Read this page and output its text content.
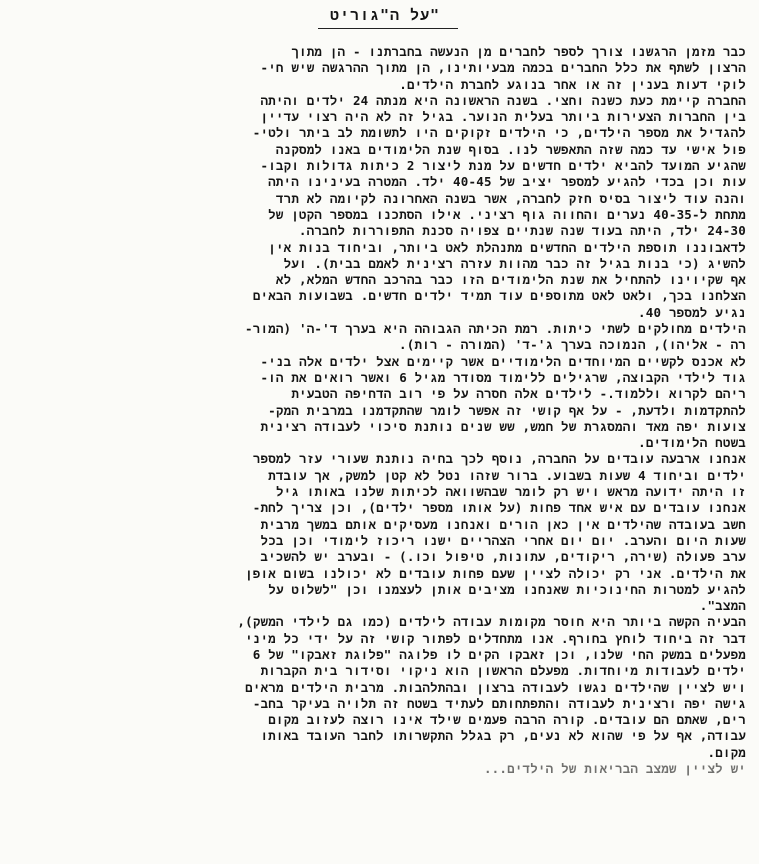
על ה"גוריט"
כבר מזמן הרגשנו צורך לספר לחברים מן הנעשה בחברתנו - הן מתוך
הרצון לשתף את כלל החברים בכמה מבעיותינו, הן מתוך ההרגשה שיש חי-
לוקי דעות בענין זה או אחר בנוגע לחברת הילדים.
החברה קיימת כעת כשנה וחצי. בשנה הראשונה היא מנתה 24 ילדים והיתה
בין החברות הצעירות ביותר בעלית הנוער. בגיל זה לא היה רצוי עדיין
להגדיל את מספר הילדים, כי הילדים זקוקים היו לתשומת לב ביתר ולטי-
פול אישי עד כמה שזה התאפשר לנו. בסוף שנת הלימודים באנו למסקנה
שהגיע המועד להביא ילדים חדשים על מנת ליצור 2 כיתות גדולות וקבו-
עות וכן בכדי להגיע למספר יציב של 40-45 ילד. המטרה בעינינו היתה
והנה עוד ליצור בסיס חזק לחברה, אשר בשנה האחרונה לקיומה לא תרד
מתחת ל-40-35 נערים והחווה גוף רציני. אילו הסתכנו במספר הקטן של
24-30 ילד, היתה בעוד שנה שנתיים צפויה סכנת התפוררות לחברה.
לדאבוננו תוספת הילדים החדשים מתנהלת לאט ביותר, וביחוד בנות אין
להשיג (כי בנות בגיל זה כבר מהוות עזרה רצינית לאמם בבית). ועל
אף שקיוינו להתחיל את שנת הלימודים הזו כבר בהרכב החדש המלא, לא
הצלחנו בכך, ולאט לאט מתוספים עוד תמיד ילדים חדשים. בשבועות הבאים
נגיע למספר 40.
הילדים מחולקים לשתי כיתות. רמת הכיתה הגבוהה היא בערך ד'-ה' (המור-
רה - אליהו), הנמוכה בערך ג'-ד' (המורה - רות).
לא אכנס לקשיים המיוחדים הלימודיים אשר קיימים אצל ילדים אלה בני-
גוד לילדי הקבוצה, שרגילים ללימוד מסודר מגיל 6 ואשר רואים את הו-
ריהם לקרוא וללמוד.- לילדים אלה חסרה על פי רוב הדחיפה הטבעית
להתקדמות ולדעת, - על אף קושי זה אפשר לומר שהתקדמנו במרבית המק-
צועות יפה מאד והמסגרת של חמש, שש שנים נותנת סיכוי לעבודה רצינית
בשטח הלימודים.
אנחנו ארבעה עובדים על החברה, נוסף לכך בחיה נותנת שעורי עזר למספר
ילדים וביחוד 4 שעות בשבוע. ברור שזהו נטל לא קטן למשק, אך עובדת
זו היתה ידועה מראש ויש רק לומר שבהשוואה לכיתות שלנו באותו גיל
אנחנו עובדים עם איש אחד פחות (על אותו מספר ילדים), וכן צריך לחת-
חשב בעובדה שהילדים אין כאן הורים ואנחנו מעסיקים אותם במשך מרבית
שעות היום והערב. יום יום אחרי הצהריים ישנו ריכוז לימודי וכן בכל
ערב פעולה (שירה, ריקודים, עתונות, טיפול וכו.) - ובערב יש להשכיב
את הילדים. אני רק יכולה לציין שעם פחות עובדים לא יכולנו בשום אופן
להגיע למטרות החינוכיות שאנחנו מציבים אותן לעצמנו וכן "לשלוט על
המצב".
הבעיה הקשה ביותר היא חוסר מקומות עבודה לילדים (כמו גם לילדי המשק),
דבר זה ביחוד לוחץ בחורף. אנו מתחדלים לפתור קושי זה על ידי כל מיני
מפעלים במשק החי שלנו, וכן זאבקו הקים לו פלוגה "פלוגת זאבקו" של 6
ילדים לעבודות מיוחדות. מפעלם הראשון הוא ניקוי וסידור בית הקברות
ויש לציין שהילדים נגשו לעבודה ברצון ובהתלהבות. מרבית הילדים מראים
גישה יפה ורצינית לעבודה והתפתחותם לעתיד בשטח זה תלויה בעיקר בחב-
רים, שאתם הם עובדים. קורה הרבה פעמים שילד אינו רוצה לעזוב מקום
עבודה, אף על פי שהוא לא נעים, רק בגלל התקשרותו לחבר העובד באותו
מקום.
יש לציין שמצב הבריאות של הילדים...
